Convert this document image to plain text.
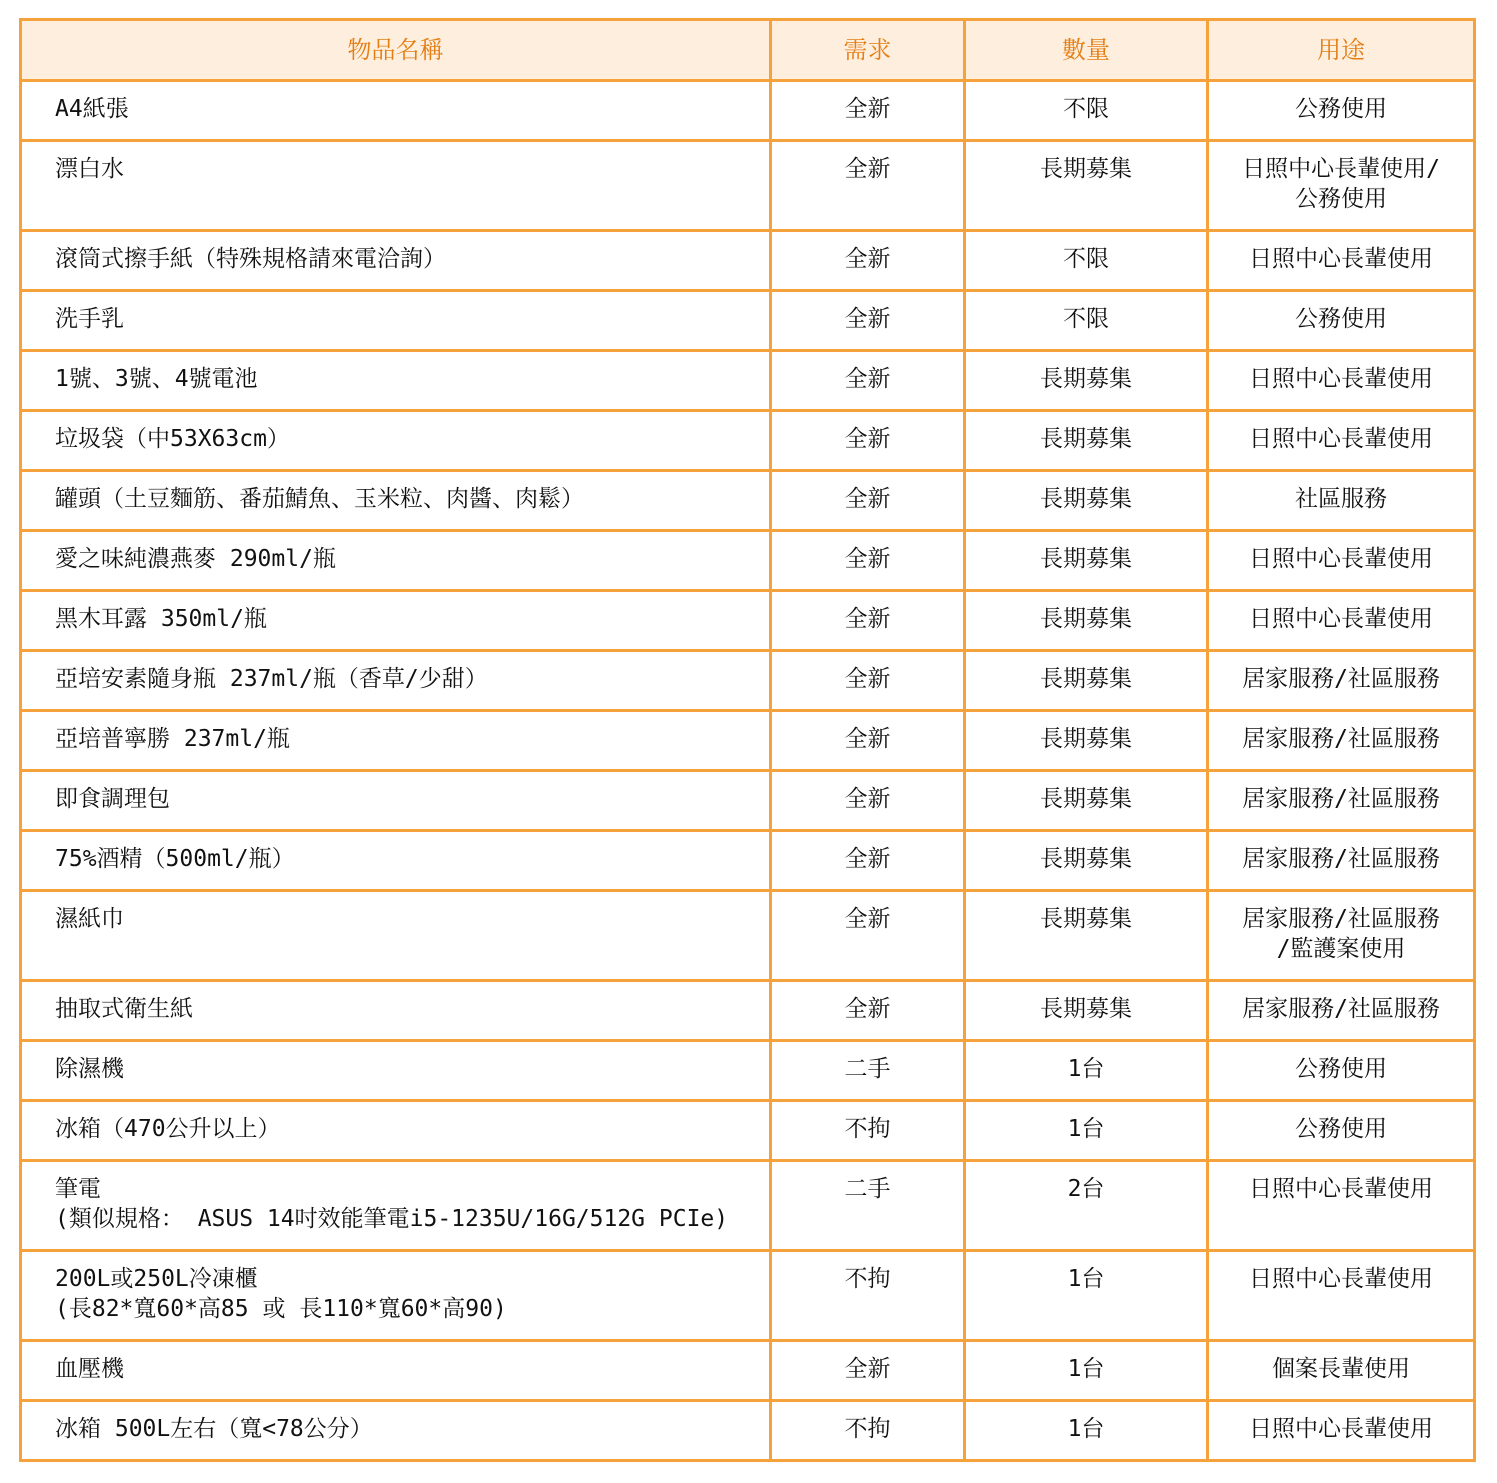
物品名稱	需求	數量	用途

A4紙張	全新	不限	公務使用

漂白水	全新	長期募集	日照中心長輩使用/
公務使用

滾筒式擦手紙（特殊規格請來電洽詢）	全新	不限	日照中心長輩使用

洗手乳	全新	不限	公務使用

1號、3號、4號電池	全新	長期募集	日照中心長輩使用

垃圾袋（中53X63cm）	全新	長期募集	日照中心長輩使用

罐頭（土豆麵筋、番茄鯖魚、玉米粒、肉醬、肉鬆）	全新	長期募集	社區服務

愛之味純濃燕麥 290ml/瓶	全新	長期募集	日照中心長輩使用

黑木耳露 350ml/瓶	全新	長期募集	日照中心長輩使用

亞培安素隨身瓶 237ml/瓶（香草/少甜）	全新	長期募集	居家服務/社區服務

亞培普寧勝 237ml/瓶	全新	長期募集	居家服務/社區服務

即食調理包	全新	長期募集	居家服務/社區服務

75%酒精（500ml/瓶）	全新	長期募集	居家服務/社區服務

濕紙巾	全新	長期募集	居家服務/社區服務
/監護案使用

抽取式衛生紙	全新	長期募集	居家服務/社區服務

除濕機	二手	1台	公務使用

冰箱（470公升以上）	不拘	1台	公務使用

筆電
(類似規格： ASUS 14吋效能筆電i5-1235U/16G/512G PCIe)	二手	2台	日照中心長輩使用

200L或250L冷凍櫃
(長82*寬60*高85 或 長110*寬60*高90)	不拘	1台	日照中心長輩使用

血壓機	全新	1台	個案長輩使用

冰箱 500L左右（寬<78公分）	不拘	1台	日照中心長輩使用
